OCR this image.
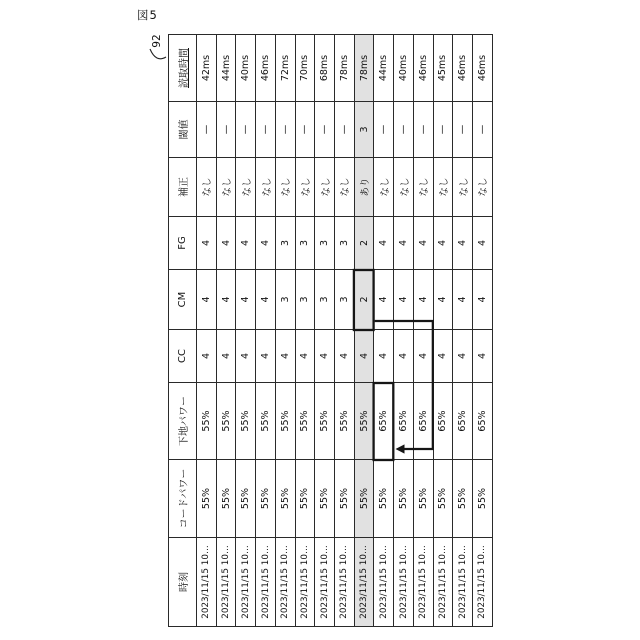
図5
92
時刻	コードパワー	下地パワー	CC	CM	FG	補正	閾値	読取時間
2023/11/15 10…	55%	55%	4	4	4	なし	—	42ms
2023/11/15 10…	55%	55%	4	4	4	なし	—	44ms
2023/11/15 10…	55%	55%	4	4	4	なし	—	40ms
2023/11/15 10…	55%	55%	4	4	4	なし	—	46ms
2023/11/15 10…	55%	55%	4	3	3	なし	—	72ms
2023/11/15 10…	55%	55%	4	3	3	なし	—	70ms
2023/11/15 10…	55%	55%	4	3	3	なし	—	68ms
2023/11/15 10…	55%	55%	4	3	3	なし	—	78ms
2023/11/15 10…	55%	55%	4	2	2	あり	3	78ms
2023/11/15 10…	55%	65%	4	4	4	なし	—	44ms
2023/11/15 10…	55%	65%	4	4	4	なし	—	40ms
2023/11/15 10…	55%	65%	4	4	4	なし	—	46ms
2023/11/15 10…	55%	65%	4	4	4	なし	—	45ms
2023/11/15 10…	55%	65%	4	4	4	なし	—	46ms
2023/11/15 10…	55%	65%	4	4	4	なし	—	46ms
